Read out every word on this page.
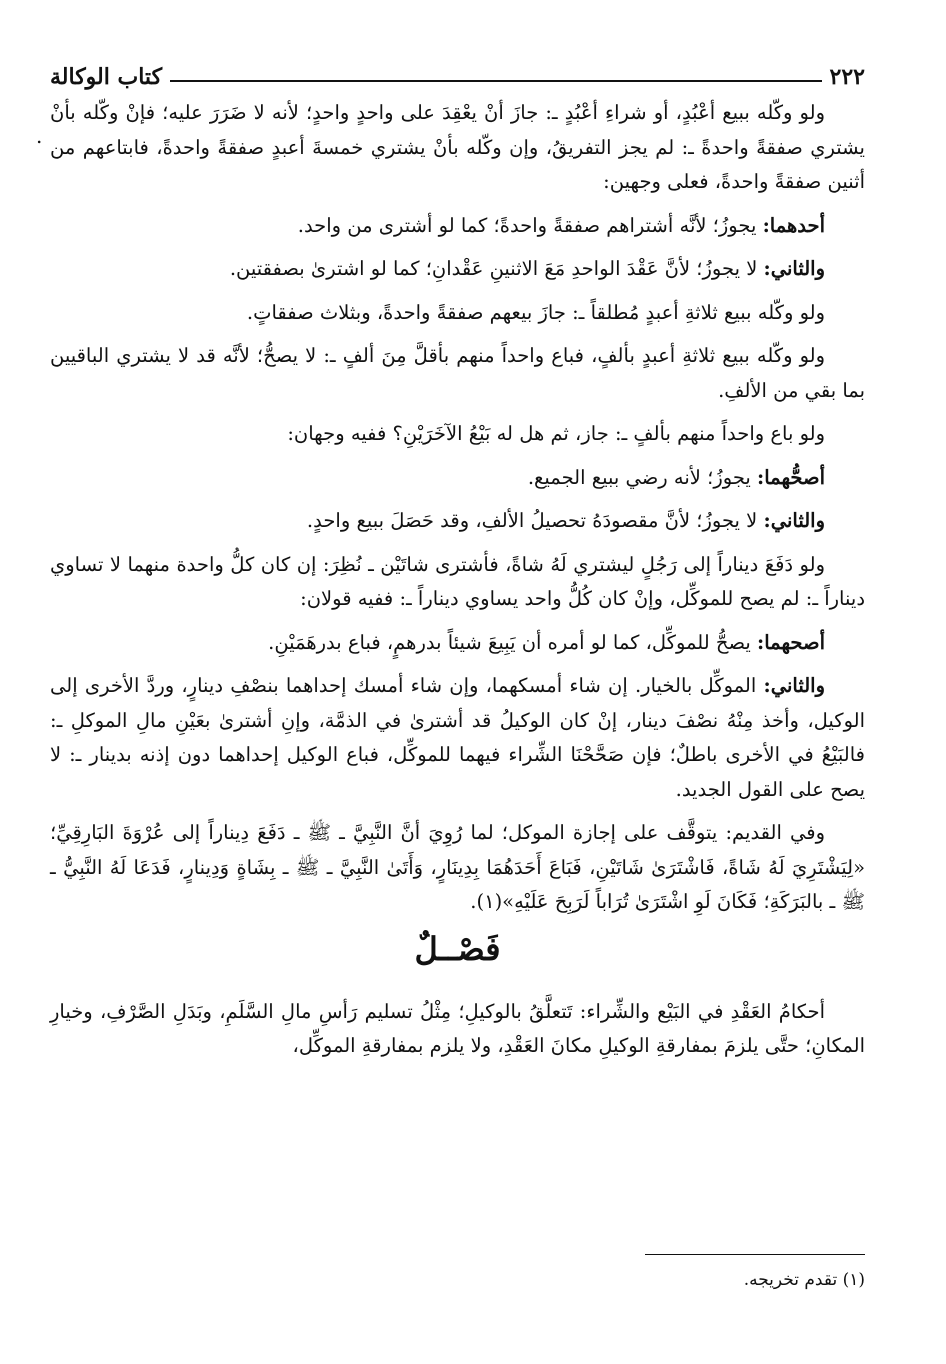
.
٢٢٢
كتاب الوكالة

ولو وكّله ببيع أعْبُدٍ، أو شراءِ أعْبُدٍ ـ: جازَ أنْ يعْقِدَ على واحدٍ واحدٍ؛ لأنه لا ضَرَرَ عليه؛ فإنْ وكّله بأنْ يشتري صفقةً واحدةً ـ: لم يجز التفريقُ، وإن وكّله بأنْ يشتري خمسةَ أعبدٍ صفقةً واحدةً، فابتاعهم من أثنين صفقةً واحدةً، فعلى وجهين:

أحدهما: يجوزُ؛ لأنَّه أشتراهم صفقةً واحدةً؛ كما لو أشترى من واحد.

والثاني: لا يجوزُ؛ لأنَّ عَقْدَ الواحدِ مَعَ الاثنينِ عَقْدانِ؛ كما لو اشترىٰ بصفقتين.

ولو وكّله ببيع ثلاثةِ أعبدٍ مُطلقاً ـ: جازَ بيعهم صفقةً واحدةً، وبثلاث صفقاتٍ.

ولو وكّله ببيع ثلاثةِ أعبدٍ بألفٍ، فباع واحداً منهم بأقلَّ مِنَ ألفٍ ـ: لا يصحُّ؛ لأنَّه قد لا يشتري الباقيين بما بقي من الألفِ.

ولو باع واحداً منهم بألفٍ ـ: جاز، ثم هل له بَيْعُ الآخَرَيْنِ؟ ففيه وجهان:

أصحُّهما: يجوزُ؛ لأنه رضي ببيع الجميع.

والثاني: لا يجوزُ؛ لأنَّ مقصودَهُ تحصيلُ الألفِ، وقد حَصَلَ ببيع واحدٍ.

ولو دَفَعَ ديناراً إلى رَجُلٍ ليشتري لَهُ شاةً، فأشترى شاتَيْن ـ نُظِرَ: إن كان كلُّ واحدة منهما لا تساوي ديناراً ـ: لم يصح للموكِّل، وإنْ كان كُلُّ واحد يساوي ديناراً ـ: ففيه قولان:

أصحهما: يصحُّ للموكِّل، كما لو أمره أن يَبِيعَ شيئاً بدرهمٍ، فباع بدرهَمَيْنِ.

والثاني: الموكِّل بالخيار. إن شاء أمسكهما، وإن شاء أمسك إحداهما بنصْفِ دينارٍ، وردَّ الأخرى إلى الوكيل، وأخذ مِنْهُ نصْفَ دينار، إنْ كان الوكيلُ قد أشترىٰ في الذمَّة، وإنِ أشترىٰ بعَيْنِ مالِ الموكلِ ـ: فالبَيْعُ في الأخرى باطلٌ؛ فإن صَحَّحْنَا الشِّراء فيهما للموكِّل، فباع الوكيل إحداهما دون إذنه بدينار ـ: لا يصح على القول الجديد.

وفي القديم: يتوقَّف على إجازة الموكل؛ لما رُوِيَ أنَّ النَّبِيَّ ـ ﷺ ـ دَفَعَ دِيناراً إلى عُرْوَةَ البَارِقِيِّ؛ «لِيَشْتَرِيَ لَهُ شَاةً، فَاشْتَرَىٰ شَاتَيْنِ، فَبَاعَ أَحَدَهُمَا بِدِينَارٍ، وَأَتَىٰ النَّبِيَّ ـ ﷺ ـ بِشَاةٍ وَدِينارٍ، فَدَعَا لَهُ النَّبِيُّ ـ ﷺ ـ بالبَرَكَةِ؛ فَكَانَ لَوِ اشْتَرَىٰ تُرَاباً لَرَبِحَ عَلَيْهِ»(١).

فَصْــلٌ

أحكامُ العَقْدِ في البَيْع والشِّراء: تَتعلَّقُ بالوكيلِ؛ مِثْلُ تسليم رَأسِ مالِ السَّلَمِ، وبَدَلِ الصَّرْفِ، وخيارِ المكانِ؛ حتَّى يلزمَ بمفارقةِ الوكيلِ مكانَ العَقْدِ، ولا يلزم بمفارقةِ الموكِّل،

(١) تقدم تخريجه.
